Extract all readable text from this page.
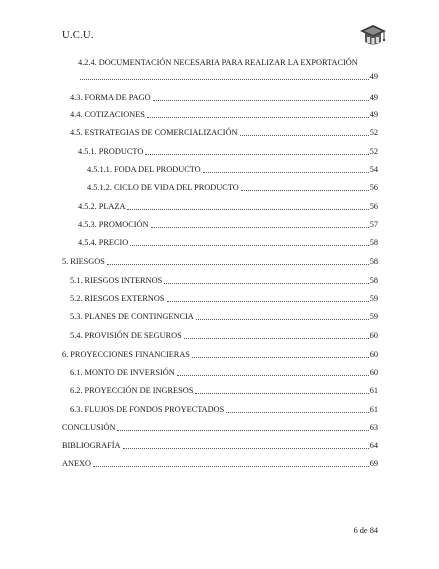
U.C.U.
4.2.4. DOCUMENTACIÓN NECESARIA PARA REALIZAR LA EXPORTACIÓN
49
4.3. FORMA DE PAGO	49
4.4. COTIZACIONES	49
4.5. ESTRATEGIAS DE COMERCIALIZACIÓN	52
4.5.1. PRODUCTO	52
4.5.1.1. FODA DEL PRODUCTO	54
4.5.1.2. CICLO DE VIDA DEL PRODUCTO	56
4.5.2. PLAZA	56
4.5.3. PROMOCIÓN	57
4.5.4. PRECIO	58
5. RIESGOS	58
5.1. RIESGOS INTERNOS	58
5.2. RIESGOS EXTERNOS	59
5.3. PLANES DE CONTINGENCIA	59
5.4. PROVISIÓN DE SEGUROS	60
6. PROYECCIONES FINANCIERAS	60
6.1. MONTO DE INVERSIÓN	60
6.2. PROYECCIÓN DE INGRESOS	61
6.3. FLUJOS DE FONDOS PROYECTADOS	61
CONCLUSIÓN	63
BIBLIOGRAFÍA	64
ANEXO	69
6 de 84
